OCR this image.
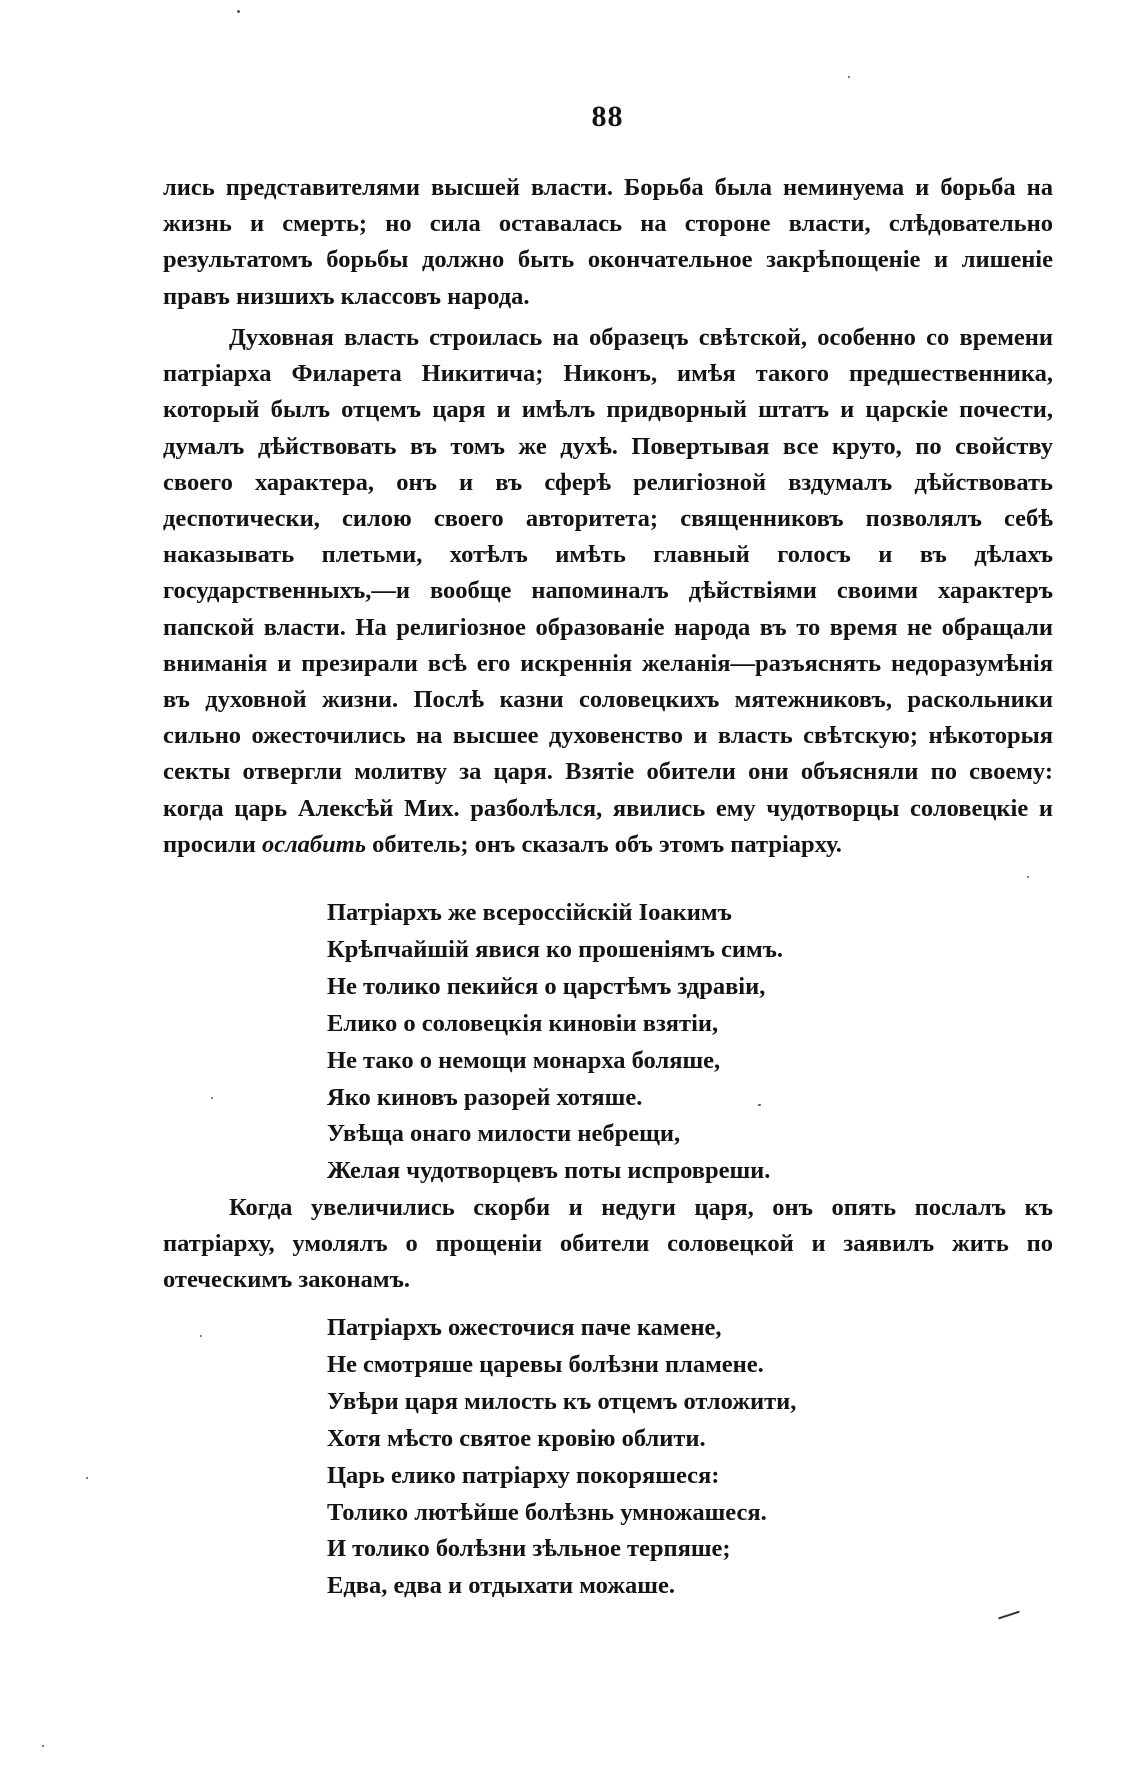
88

лись представителями высшей власти. Борьба была неминуема и борьба на жизнь и смерть; но сила оставалась на стороне власти, слѣдовательно результатомъ борьбы должно быть окончательное закрѣпощенiе и лишенiе правъ низшихъ классовъ народа.

Духовная власть строилась на образецъ свѣтской, особенно со времени патрiарха Филарета Никитича; Никонъ, имѣя такого предшественника, который былъ отцемъ царя и имѣлъ придворный штатъ и царскiе почести, думалъ дѣйствовать въ томъ же духѣ. Повертывая все круто, по свойству своего характера, онъ и въ сферѣ религiозной вздумалъ дѣйствовать деспотически, силою своего авторитета; священниковъ позволялъ себѣ наказывать плетьми, хотѣлъ имѣть главный голосъ и въ дѣлахъ государственныхъ,—и вообще напоминалъ дѣйствiями своими характеръ папской власти. На религiозное образованiе народа въ то время не обращали вниманiя и презирали всѣ его искреннiя желанiя—разъяснять недоразумѣнiя въ духовной жизни. Послѣ казни соловецкихъ мятежниковъ, раскольники сильно ожесточились на высшее духовенство и власть свѣтскую; нѣкоторыя секты отвергли молитву за царя. Взятiе обители они объясняли по своему: когда царь Алексѣй Мих. разболѣлся, явились ему чудотворцы соловецкiе и просили ослабить обитель; онъ сказалъ объ этомъ патрiарху.

Патрiархъ же всероссiйскiй Iоакимъ
Крѣпчайшiй явися ко прошенiямъ симъ.
Не толико пекийся о царстѣмъ здравiи,
Елико о соловецкiя киновiи взятiи,
Не тако о немощи монарха боляше,
Яко киновъ разорей хотяше.
Увѣща онаго милости небрещи,
Желая чудотворцевъ поты испровреши.

Когда увеличились скорби и недуги царя, онъ опять послалъ къ патрiарху, умолялъ о прощенiи обители соловецкой и заявилъ жить по отеческимъ законамъ.

Патрiархъ ожесточися паче камене,
Не смотряше царевы болѣзни пламене.
Увѣри царя милость къ отцемъ отложити,
Хотя мѣсто святое кровiю облити.
Царь елико патрiарху покоряшеся:
Толико лютѣйше болѣзнь умножашеся.
И толико болѣзни зѣльное терпяше;
Едва, едва и отдыхати можаше.
